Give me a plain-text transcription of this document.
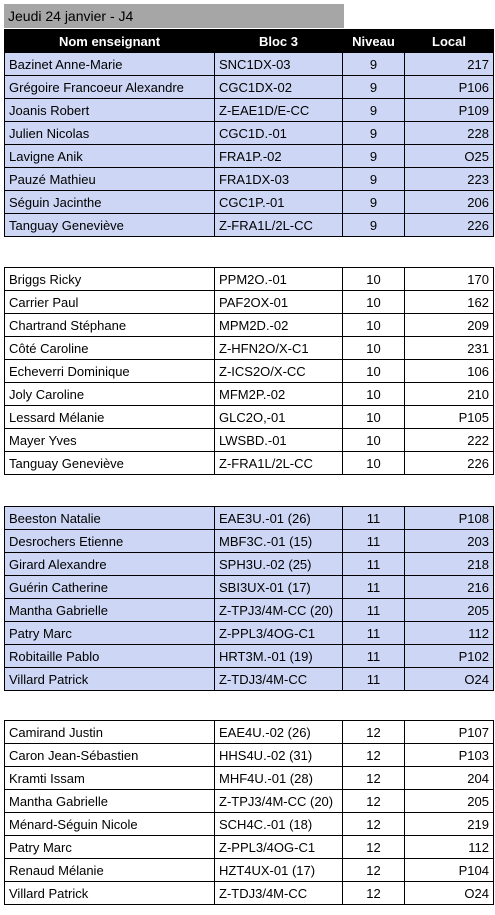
Jeudi 24 janvier - J4
Nom enseignant	Bloc 3	Niveau	Local
Bazinet Anne-Marie	SNC1DX-03	9	217
Grégoire Francoeur Alexandre	CGC1DX-02	9	P106
Joanis Robert	Z-EAE1D/E-CC	9	P109
Julien Nicolas	CGC1D.-01	9	228
Lavigne Anik	FRA1P.-02	9	O25
Pauzé Mathieu	FRA1DX-03	9	223
Séguin Jacinthe	CGC1P.-01	9	206
Tanguay Geneviève	Z-FRA1L/2L-CC	9	226
Briggs Ricky	PPM2O.-01	10	170
Carrier Paul	PAF2OX-01	10	162
Chartrand Stéphane	MPM2D.-02	10	209
Côté Caroline	Z-HFN2O/X-C1	10	231
Echeverri Dominique	Z-ICS2O/X-CC	10	106
Joly Caroline	MFM2P.-02	10	210
Lessard Mélanie	GLC2O,-01	10	P105
Mayer Yves	LWSBD.-01	10	222
Tanguay Geneviève	Z-FRA1L/2L-CC	10	226
Beeston Natalie	EAE3U.-01 (26)	11	P108
Desrochers Etienne	MBF3C.-01 (15)	11	203
Girard Alexandre	SPH3U.-02 (25)	11	218
Guérin Catherine	SBI3UX-01 (17)	11	216
Mantha Gabrielle	Z-TPJ3/4M-CC (20)	11	205
Patry Marc	Z-PPL3/4OG-C1	11	112
Robitaille Pablo	HRT3M.-01 (19)	11	P102
Villard Patrick	Z-TDJ3/4M-CC	11	O24
Camirand Justin	EAE4U.-02 (26)	12	P107
Caron Jean-Sébastien	HHS4U.-02 (31)	12	P103
Kramti Issam	MHF4U.-01 (28)	12	204
Mantha Gabrielle	Z-TPJ3/4M-CC (20)	12	205
Ménard-Séguin Nicole	SCH4C.-01 (18)	12	219
Patry Marc	Z-PPL3/4OG-C1	12	112
Renaud Mélanie	HZT4UX-01 (17)	12	P104
Villard Patrick	Z-TDJ3/4M-CC	12	O24
